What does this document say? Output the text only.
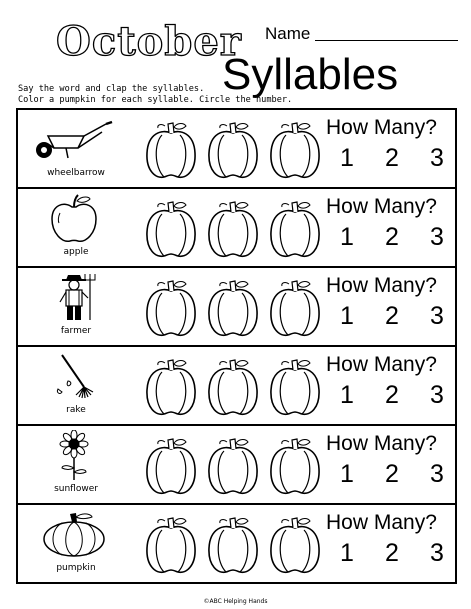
October Name
Syllables
Say the word and clap the syllables.
Color a pumpkin for each syllable. Circle the number.
wheelbarrow
How Many?
1	2	3
apple
How Many?
1	2	3
farmer
How Many?
1	2	3
rake
How Many?
1	2	3
sunflower
How Many?
1	2	3
pumpkin
How Many?
1	2	3
©ABC Helping Hands
